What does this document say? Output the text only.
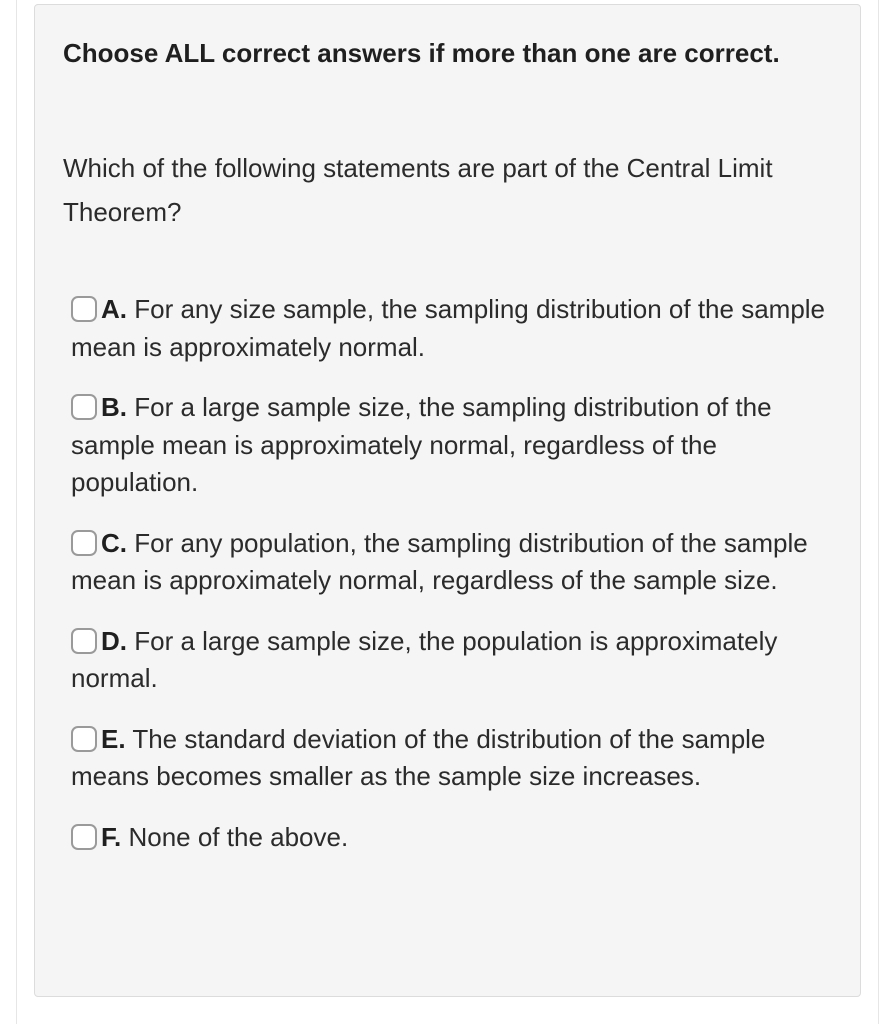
Choose ALL correct answers if more than one are correct.

Which of the following statements are part of the Central Limit Theorem?

A. For any size sample, the sampling distribution of the sample mean is approximately normal.
B. For a large sample size, the sampling distribution of the sample mean is approximately normal, regardless of the population.
C. For any population, the sampling distribution of the sample mean is approximately normal, regardless of the sample size.
D. For a large sample size, the population is approximately normal.
E. The standard deviation of the distribution of the sample means becomes smaller as the sample size increases.
F. None of the above.
